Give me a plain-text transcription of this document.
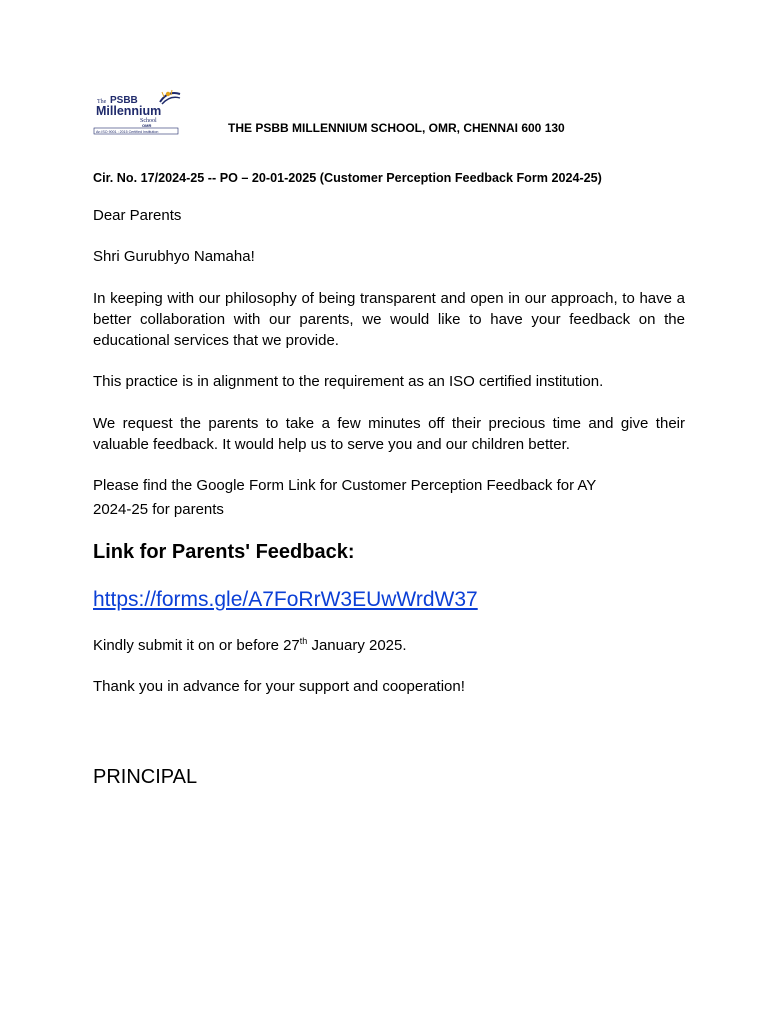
The PSBB
Millennium
School
OMR
An ISO 9001 : 2015 Certified Institution	THE PSBB MILLENNIUM SCHOOL, OMR, CHENNAI 600 130
Cir. No. 17/2024-25 -- PO – 20-01-2025 (Customer Perception Feedback Form 2024-25)
Dear Parents
Shri Gurubhyo Namaha!
In keeping with our philosophy of being transparent and open in our approach, to have a better collaboration with our parents, we would like to have your feedback on the educational services that we provide.
This practice is in alignment to the requirement as an ISO certified institution.
We request the parents to take a few minutes off their precious time and give their valuable feedback. It would help us to serve you and our children better.
Please find the Google Form Link for Customer Perception Feedback for AY
2024-25 for parents
Link for Parents' Feedback:
https://forms.gle/A7FoRrW3EUwWrdW37
Kindly submit it on or before 27th January 2025.
Thank you in advance for your support and cooperation!
PRINCIPAL
